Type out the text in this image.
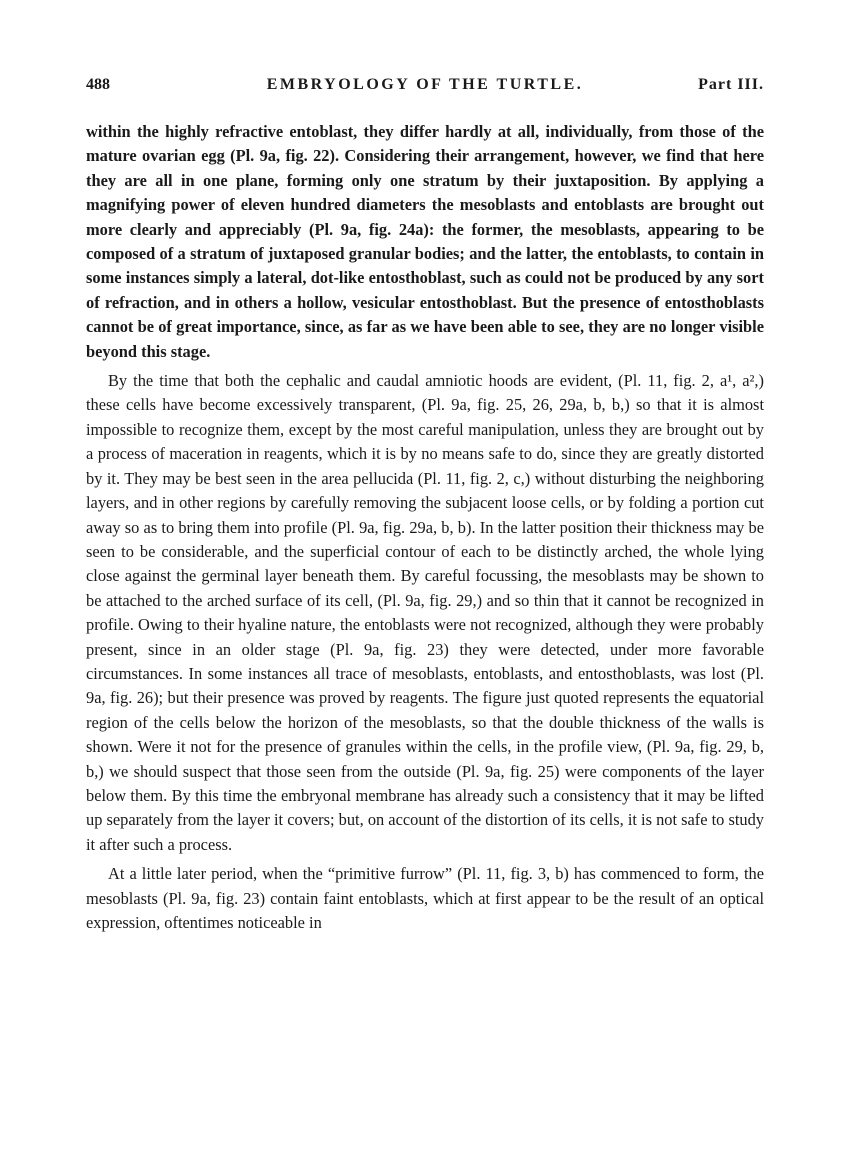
488	EMBRYOLOGY OF THE TURTLE.	Part III.

within the highly refractive entoblast, they differ hardly at all, individually, from those of the mature ovarian egg (Pl. 9a, fig. 22). Considering their arrangement, however, we find that here they are all in one plane, forming only one stratum by their juxtaposition. By applying a magnifying power of eleven hundred diameters the mesoblasts and entoblasts are brought out more clearly and appreciably (Pl. 9a, fig. 24a): the former, the mesoblasts, appearing to be composed of a stratum of juxtaposed granular bodies; and the latter, the entoblasts, to contain in some instances simply a lateral, dot-like entosthoblast, such as could not be produced by any sort of refraction, and in others a hollow, vesicular entosthoblast. But the presence of entosthoblasts cannot be of great importance, since, as far as we have been able to see, they are no longer visible beyond this stage.

By the time that both the cephalic and caudal amniotic hoods are evident, (Pl. 11, fig. 2, a¹, a²,) these cells have become excessively transparent, (Pl. 9a, fig. 25, 26, 29a, b, b,) so that it is almost impossible to recognize them, except by the most careful manipulation, unless they are brought out by a process of maceration in reagents, which it is by no means safe to do, since they are greatly distorted by it. They may be best seen in the area pellucida (Pl. 11, fig. 2, c,) without disturbing the neighboring layers, and in other regions by carefully removing the subjacent loose cells, or by folding a portion cut away so as to bring them into profile (Pl. 9a, fig. 29a, b, b). In the latter position their thickness may be seen to be considerable, and the superficial contour of each to be distinctly arched, the whole lying close against the germinal layer beneath them. By careful focussing, the mesoblasts may be shown to be attached to the arched surface of its cell, (Pl. 9a, fig. 29,) and so thin that it cannot be recognized in profile. Owing to their hyaline nature, the entoblasts were not recognized, although they were probably present, since in an older stage (Pl. 9a, fig. 23) they were detected, under more favorable circumstances. In some instances all trace of mesoblasts, entoblasts, and entosthoblasts, was lost (Pl. 9a, fig. 26); but their presence was proved by reagents. The figure just quoted represents the equatorial region of the cells below the horizon of the mesoblasts, so that the double thickness of the walls is shown. Were it not for the presence of granules within the cells, in the profile view, (Pl. 9a, fig. 29, b, b,) we should suspect that those seen from the outside (Pl. 9a, fig. 25) were components of the layer below them. By this time the embryonal membrane has already such a consistency that it may be lifted up separately from the layer it covers; but, on account of the distortion of its cells, it is not safe to study it after such a process.

At a little later period, when the “primitive furrow” (Pl. 11, fig. 3, b) has commenced to form, the mesoblasts (Pl. 9a, fig. 23) contain faint entoblasts, which at first appear to be the result of an optical expression, oftentimes noticeable in
